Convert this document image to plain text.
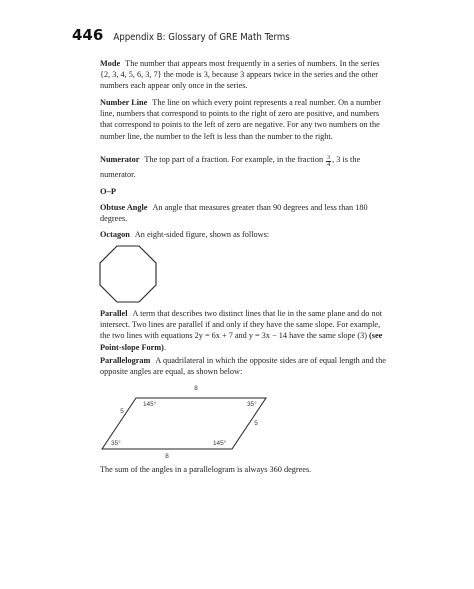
446 Appendix B: Glossary of GRE Math Terms

Mode The number that appears most frequently in a series of numbers. In the series {2, 3, 4, 5, 6, 3, 7} the mode is 3, because 3 appears twice in the series and the other numbers each appear only once in the series.

Number Line The line on which every point represents a real number. On a number line, numbers that correspond to points to the right of zero are positive, and numbers that correspond to points to the left of zero are negative. For any two numbers on the number line, the number to the left is less than the number to the right.

Numerator The top part of a fraction. For example, in the fraction $\frac{3}{4}$ , 3 is the numerator.

O–P

Obtuse Angle An angle that measures greater than 90 degrees and less than 180 degrees.

Octagon An eight-sided figure, shown as follows:

Parallel A term that describes two distinct lines that lie in the same plane and do not intersect. Two lines are parallel if and only if they have the same slope. For example, the two lines with equations 2y = 6x + 7 and y = 3x − 14 have the same slope (3) (see Point-slope Form).

Parallelogram A quadrilateral in which the opposite sides are of equal length and the opposite angles are equal, as shown below:

8
8
5
5
145°	35°
35°	145°

The sum of the angles in a parallelogram is always 360 degrees.
